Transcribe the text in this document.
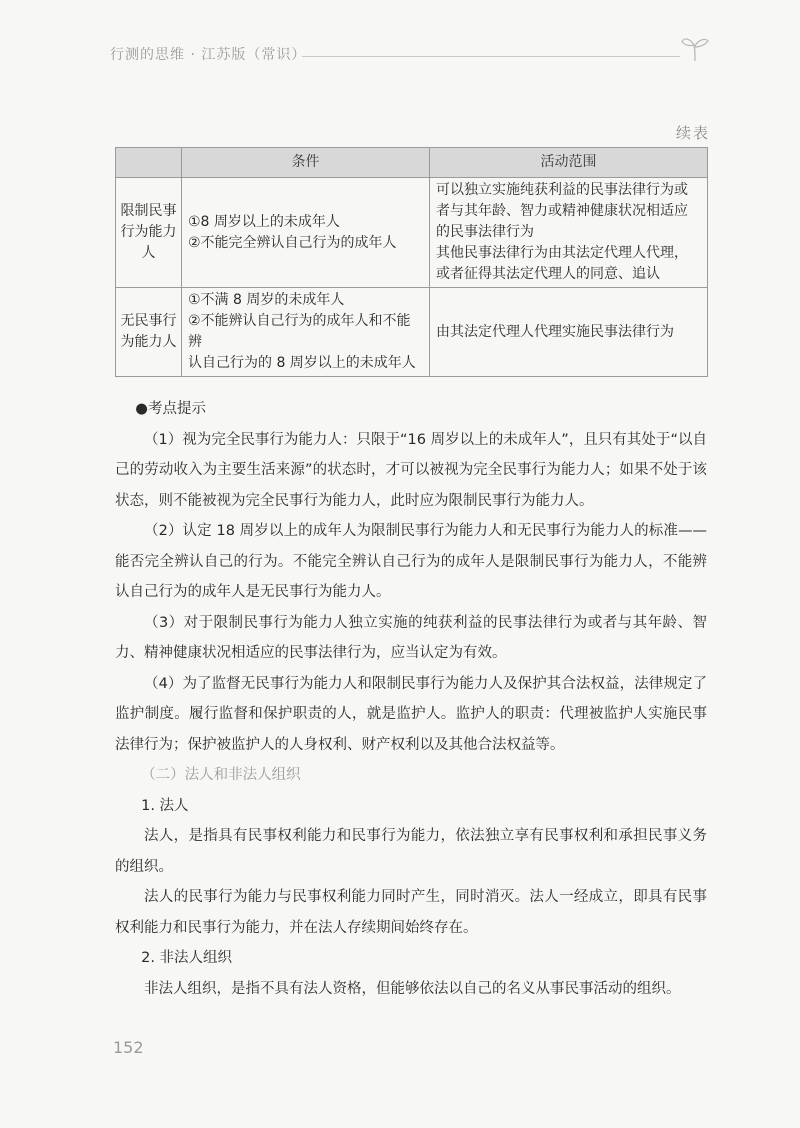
行测的思维 · 江苏版（常识）
续表
	条件	活动范围
限制民事行为能力人	①8 周岁以上的未成年人
②不能完全辨认自己行为的成年人	可以独立实施纯获利益的民事法律行为或
者与其年龄、智力或精神健康状况相适应
的民事法律行为
其他民事法律行为由其法定代理人代理，
或者征得其法定代理人的同意、追认

无民事行为能力人	①不满 8 周岁的未成年人
②不能辨认自己行为的成年人和不能辨
认自己行为的 8 周岁以上的未成年人	由其法定代理人代理实施民事法律行为

●考点提示

（1）视为完全民事行为能力人：只限于“16 周岁以上的未成年人”，且只有其处于“以自己的劳动收入为主要生活来源”的状态时，才可以被视为完全民事行为能力人；如果不处于该状态，则不能被视为完全民事行为能力人，此时应为限制民事行为能力人。

（2）认定 18 周岁以上的成年人为限制民事行为能力人和无民事行为能力人的标准——能否完全辨认自己的行为。不能完全辨认自己行为的成年人是限制民事行为能力人，不能辨认自己行为的成年人是无民事行为能力人。

（3）对于限制民事行为能力人独立实施的纯获利益的民事法律行为或者与其年龄、智力、精神健康状况相适应的民事法律行为，应当认定为有效。

（4）为了监督无民事行为能力人和限制民事行为能力人及保护其合法权益，法律规定了监护制度。履行监督和保护职责的人，就是监护人。监护人的职责：代理被监护人实施民事法律行为；保护被监护人的人身权利、财产权利以及其他合法权益等。

（二）法人和非法人组织

1. 法人

法人，是指具有民事权利能力和民事行为能力，依法独立享有民事权利和承担民事义务的组织。

法人的民事行为能力与民事权利能力同时产生，同时消灭。法人一经成立，即具有民事权利能力和民事行为能力，并在法人存续期间始终存在。

2. 非法人组织

非法人组织，是指不具有法人资格，但能够依法以自己的名义从事民事活动的组织。

152
